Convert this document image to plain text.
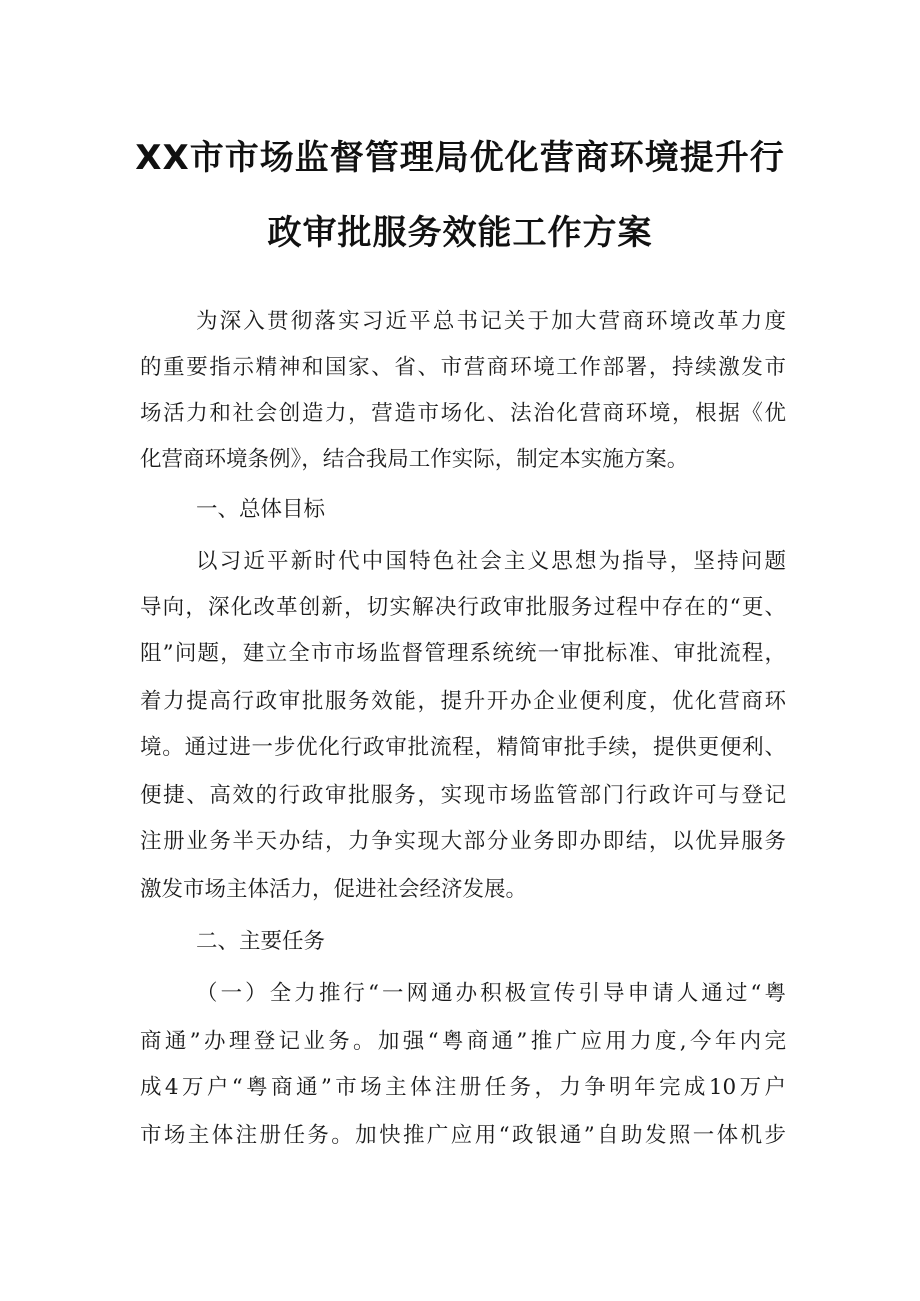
XX市市场监督管理局优化营商环境提升行
政审批服务效能工作方案
为深入贯彻落实习近平总书记关于加大营商环境改革力度
的重要指示精神和国家、省、市营商环境工作部署，持续激发市
场活力和社会创造力，营造市场化、法治化营商环境，根据《优
化营商环境条例》，结合我局工作实际，制定本实施方案。
一、总体目标
以习近平新时代中国特色社会主义思想为指导，坚持问题
导向，深化改革创新，切实解决行政审批服务过程中存在的“更、
阻”问题，建立全市市场监督管理系统统一审批标准、审批流程，
着力提高行政审批服务效能，提升开办企业便利度，优化营商环
境。通过进一步优化行政审批流程，精简审批手续，提供更便利、
便捷、高效的行政审批服务，实现市场监管部门行政许可与登记
注册业务半天办结，力争实现大部分业务即办即结，以优异服务
激发市场主体活力，促进社会经济发展。
二、主要任务
（一）全力推行“一网通办积极宣传引导申请人通过“粤
商通”办理登记业务。加强“粤商通”推广应用力度,今年内完
成4万户“粤商通”市场主体注册任务，力争明年完成10万户
市场主体注册任务。加快推广应用“政银通”自助发照一体机步
